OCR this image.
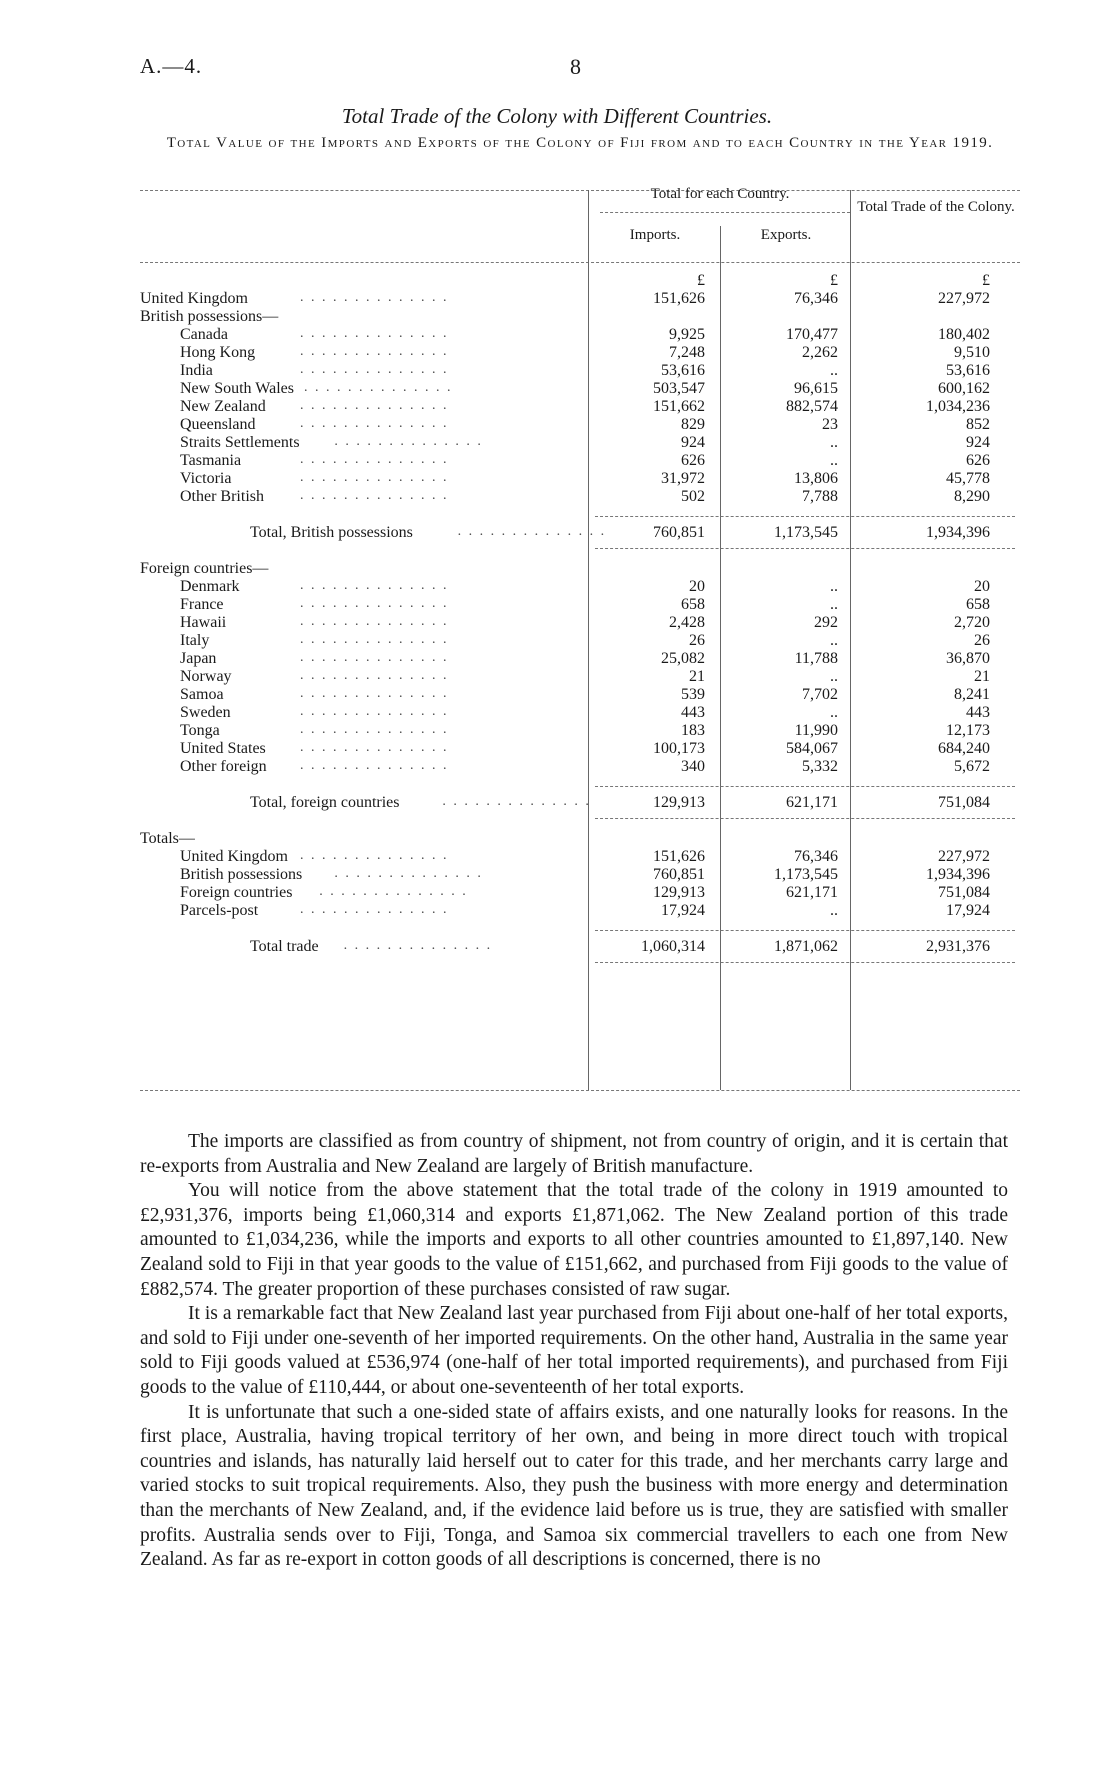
A.—4.	8
Total Trade of the Colony with Different Countries.
Total Value of the Imports and Exports of the Colony of Fiji from and to each Country in the Year 1919.
Total for each Country.
Imports.	Exports.
Total Trade of the Colony.
£	£	£
United Kingdom	. . . . . . . . . . . . . .	151,626	76,346	227,972
British possessions—
Canada	. . . . . . . . . . . . . .	9,925	170,477	180,402
Hong Kong	. . . . . . . . . . . . . .	7,248	2,262	9,510
India	. . . . . . . . . . . . . .	53,616	..	53,616
New South Wales . . . . . . . . . . . . . .	503,547	96,615	600,162
New Zealand . . . . . . . . . . . . . .	151,662	882,574	1,034,236
Queensland	. . . . . . . . . . . . . .	829	23	852
Straits Settlements . . . . . . . . . . . . . .	924	..	924
Tasmania	. . . . . . . . . . . . . .	626	..	626
Victoria	. . . . . . . . . . . . . .	31,972	13,806	45,778
Other British	. . . . . . . . . . . . . .	502	7,788	8,290
Total, British possessions	. . . . . . . . . . . . . .	760,851	1,173,545	1,934,396
Foreign countries—
Denmark	. . . . . . . . . . . . . .	20	..	20
France	. . . . . . . . . . . . . .	658	..	658
Hawaii	. . . . . . . . . . . . . .	2,428	292	2,720
Italy	. . . . . . . . . . . . . .	26	..	26
Japan	. . . . . . . . . . . . . .	25,082	11,788	36,870
Norway	. . . . . . . . . . . . . .	21	..	21
Samoa	. . . . . . . . . . . . . .	539	7,702	8,241
Sweden	. . . . . . . . . . . . . .	443	..	443
Tonga	. . . . . . . . . . . . . .	183	11,990	12,173
United States . . . . . . . . . . . . . .	100,173	584,067	684,240
Other foreign . . . . . . . . . . . . . .	340	5,332	5,672
Total, foreign countries	. . . . . . . . . . . . . .	129,913	621,171	751,084
Totals—
United Kingdom . . . . . . . . . . . . . .	151,626	76,346	227,972
British possessions . . . . . . . . . . . . . .	760,851	1,173,545	1,934,396
Foreign countries . . . . . . . . . . . . . .	129,913	621,171	751,084
Parcels-post	. . . . . . . . . . . . . .	17,924	..	17,924
Total trade . . . . . . . . . . . . . .	1,060,314	1,871,062	2,931,376

The imports are classified as from country of shipment, not from country of origin, and it is certain that re-exports from Australia and New Zealand are largely of British manufacture.

You will notice from the above statement that the total trade of the colony in 1919 amounted to £2,931,376, imports being £1,060,314 and exports £1,871,062. The New Zealand portion of this trade amounted to £1,034,236, while the imports and exports to all other countries amounted to £1,897,140. New Zealand sold to Fiji in that year goods to the value of £151,662, and purchased from Fiji goods to the value of £882,574. The greater proportion of these purchases consisted of raw sugar.

It is a remarkable fact that New Zealand last year purchased from Fiji about one-half of her total exports, and sold to Fiji under one-seventh of her imported requirements. On the other hand, Australia in the same year sold to Fiji goods valued at £536,974 (one-half of her total imported requirements), and purchased from Fiji goods to the value of £110,444, or about one-seventeenth of her total exports.

It is unfortunate that such a one-sided state of affairs exists, and one naturally looks for reasons. In the first place, Australia, having tropical territory of her own, and being in more direct touch with tropical countries and islands, has naturally laid herself out to cater for this trade, and her merchants carry large and varied stocks to suit tropical requirements. Also, they push the business with more energy and determination than the merchants of New Zealand, and, if the evidence laid before us is true, they are satisfied with smaller profits. Australia sends over to Fiji, Tonga, and Samoa six commercial travellers to each one from New Zealand. As far as re-export in cotton goods of all descriptions is concerned, there is no
